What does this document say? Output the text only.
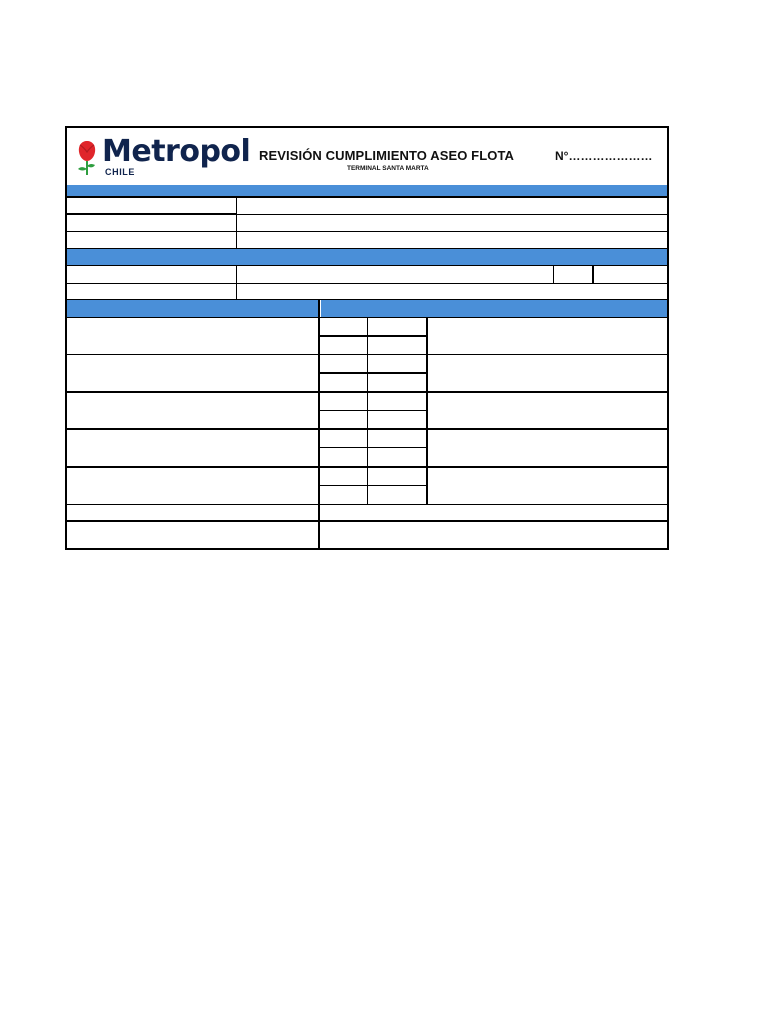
Metropol
CHILE
REVISIÓN CUMPLIMIENTO ASEO FLOTA
TERMINAL SANTA MARTA
N°…………………
